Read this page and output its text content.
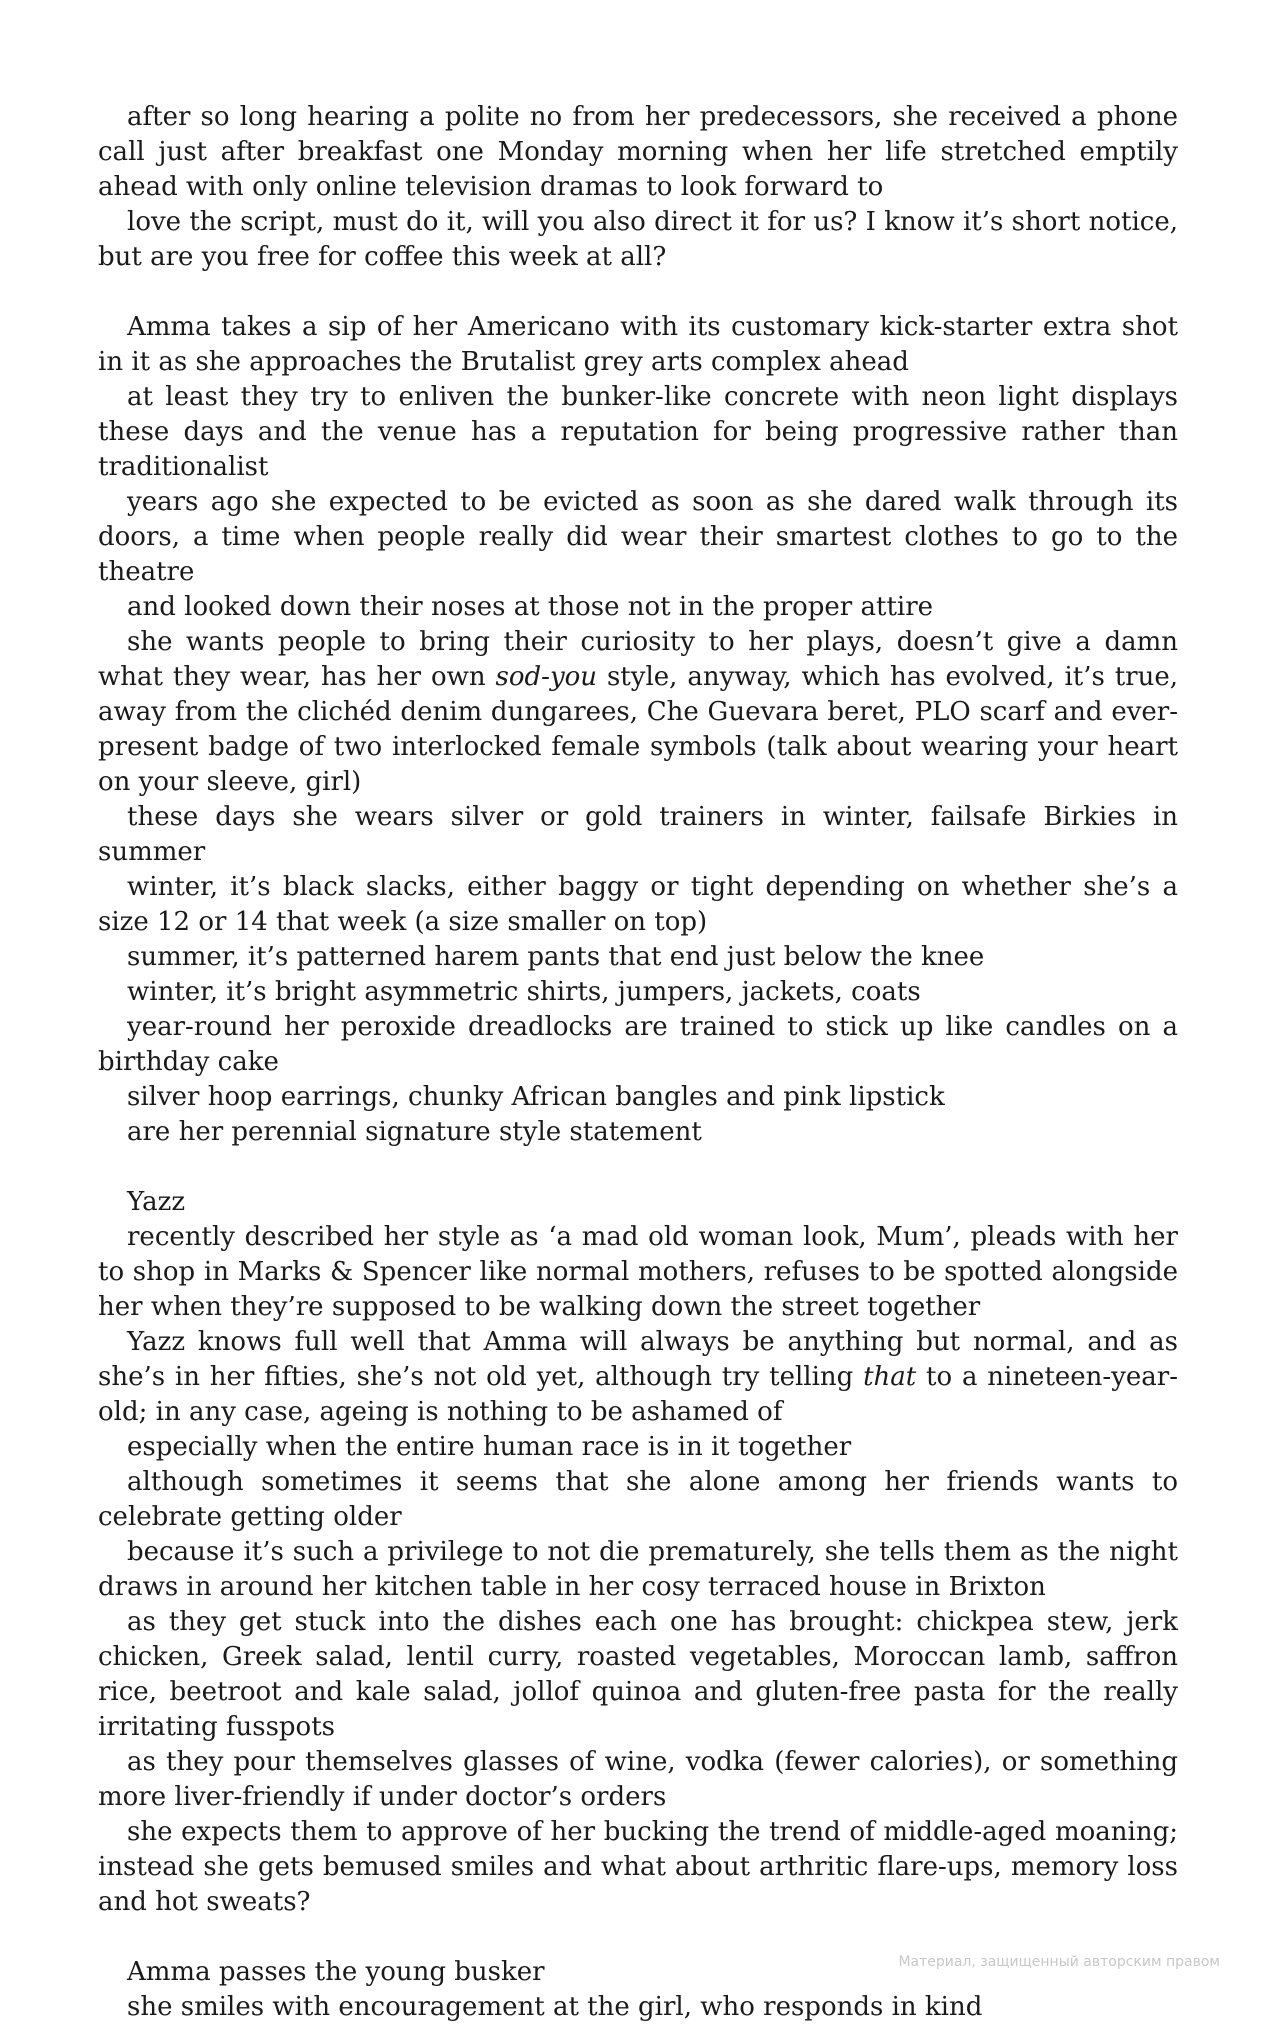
after so long hearing a polite no from her predecessors, she received a phone call just after breakfast one Monday morning when her life stretched emptily ahead with only online television dramas to look forward to

love the script, must do it, will you also direct it for us? I know it’s short notice, but are you free for coffee this week at all?

Amma takes a sip of her Americano with its customary kick-starter extra shot in it as she approaches the Brutalist grey arts complex ahead

at least they try to enliven the bunker-like concrete with neon light displays these days and the venue has a reputation for being progressive rather than traditionalist

years ago she expected to be evicted as soon as she dared walk through its doors, a time when people really did wear their smartest clothes to go to the theatre

and looked down their noses at those not in the proper attire

she wants people to bring their curiosity to her plays, doesn’t give a damn what they wear, has her own sod-you style, anyway, which has evolved, it’s true, away from the clichéd denim dungarees, Che Guevara beret, PLO scarf and ever-present badge of two interlocked female symbols (talk about wearing your heart on your sleeve, girl)

these days she wears silver or gold trainers in winter, failsafe Birkies in summer

winter, it’s black slacks, either baggy or tight depending on whether she’s a size 12 or 14 that week (a size smaller on top)

summer, it’s patterned harem pants that end just below the knee

winter, it’s bright asymmetric shirts, jumpers, jackets, coats

year-round her peroxide dreadlocks are trained to stick up like candles on a birthday cake

silver hoop earrings, chunky African bangles and pink lipstick

are her perennial signature style statement

Yazz

recently described her style as ‘a mad old woman look, Mum’, pleads with her to shop in Marks & Spencer like normal mothers, refuses to be spotted alongside her when they’re supposed to be walking down the street together

Yazz knows full well that Amma will always be anything but normal, and as she’s in her fifties, she’s not old yet, although try telling that to a nineteen-year-old; in any case, ageing is nothing to be ashamed of

especially when the entire human race is in it together

although sometimes it seems that she alone among her friends wants to celebrate getting older

because it’s such a privilege to not die prematurely, she tells them as the night draws in around her kitchen table in her cosy terraced house in Brixton

as they get stuck into the dishes each one has brought: chickpea stew, jerk chicken, Greek salad, lentil curry, roasted vegetables, Moroccan lamb, saffron rice, beetroot and kale salad, jollof quinoa and gluten-free pasta for the really irritating fusspots

as they pour themselves glasses of wine, vodka (fewer calories), or something more liver-friendly if under doctor’s orders

she expects them to approve of her bucking the trend of middle-aged moaning; instead she gets bemused smiles and what about arthritic flare-ups, memory loss and hot sweats?

Amma passes the young busker

she smiles with encouragement at the girl, who responds in kind

Материал, защищенный авторским правом
